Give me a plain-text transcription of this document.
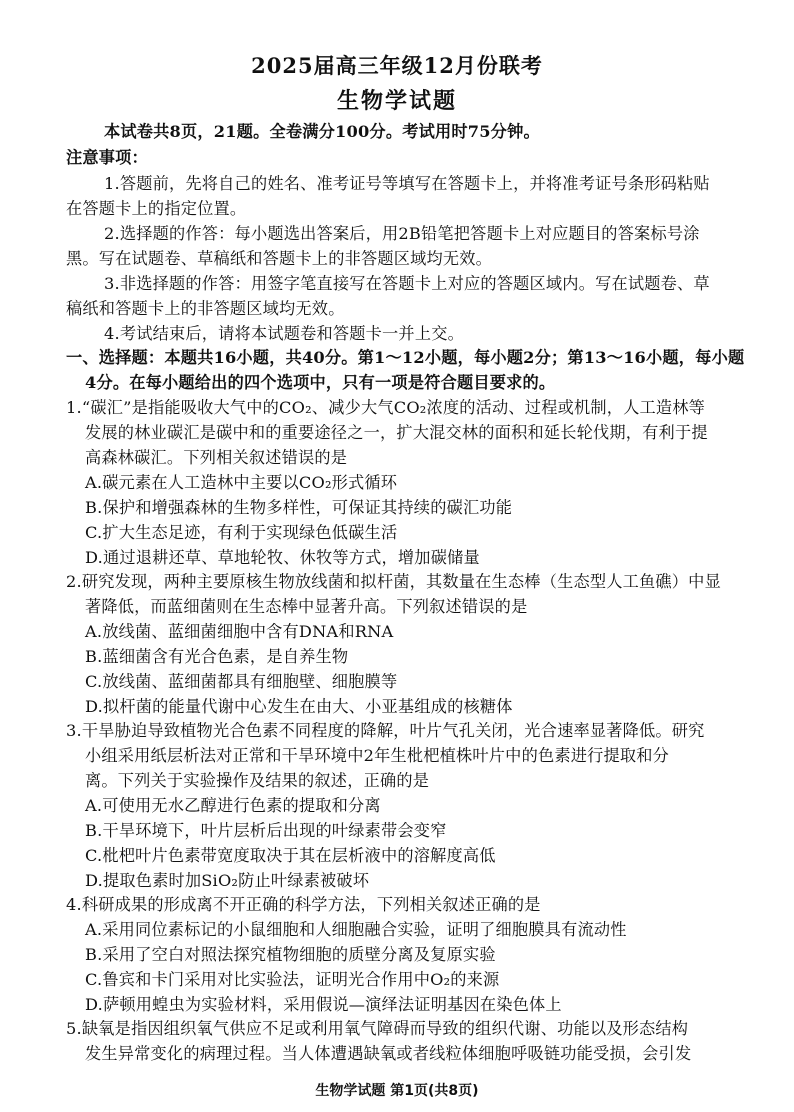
2025届高三年级12月份联考
生物学试题
本试卷共8页，21题。全卷满分100分。考试用时75分钟。
注意事项：
1.答题前，先将自己的姓名、准考证号等填写在答题卡上，并将准考证号条形码粘贴
在答题卡上的指定位置。
2.选择题的作答：每小题选出答案后，用2B铅笔把答题卡上对应题目的答案标号涂
黑。写在试题卷、草稿纸和答题卡上的非答题区域均无效。
3.非选择题的作答：用签字笔直接写在答题卡上对应的答题区域内。写在试题卷、草
稿纸和答题卡上的非答题区域均无效。
4.考试结束后，请将本试题卷和答题卡一并上交。
一、选择题：本题共16小题，共40分。第1～12小题，每小题2分；第13～16小题，每小题
4分。在每小题给出的四个选项中，只有一项是符合题目要求的。
1.“碳汇”是指能吸收大气中的CO₂、减少大气CO₂浓度的活动、过程或机制，人工造林等
发展的林业碳汇是碳中和的重要途径之一，扩大混交林的面积和延长轮伐期，有利于提
高森林碳汇。下列相关叙述错误的是
A.碳元素在人工造林中主要以CO₂形式循环
B.保护和增强森林的生物多样性，可保证其持续的碳汇功能
C.扩大生态足迹，有利于实现绿色低碳生活
D.通过退耕还草、草地轮牧、休牧等方式，增加碳储量
2.研究发现，两种主要原核生物放线菌和拟杆菌，其数量在生态棒（生态型人工鱼礁）中显
著降低，而蓝细菌则在生态棒中显著升高。下列叙述错误的是
A.放线菌、蓝细菌细胞中含有DNA和RNA
B.蓝细菌含有光合色素，是自养生物
C.放线菌、蓝细菌都具有细胞壁、细胞膜等
D.拟杆菌的能量代谢中心发生在由大、小亚基组成的核糖体
3.干旱胁迫导致植物光合色素不同程度的降解，叶片气孔关闭，光合速率显著降低。研究
小组采用纸层析法对正常和干旱环境中2年生枇杷植株叶片中的色素进行提取和分
离。下列关于实验操作及结果的叙述，正确的是
A.可使用无水乙醇进行色素的提取和分离
B.干旱环境下，叶片层析后出现的叶绿素带会变窄
C.枇杷叶片色素带宽度取决于其在层析液中的溶解度高低
D.提取色素时加SiO₂防止叶绿素被破坏
4.科研成果的形成离不开正确的科学方法，下列相关叙述正确的是
A.采用同位素标记的小鼠细胞和人细胞融合实验，证明了细胞膜具有流动性
B.采用了空白对照法探究植物细胞的质壁分离及复原实验
C.鲁宾和卡门采用对比实验法，证明光合作用中O₂的来源
D.萨顿用蝗虫为实验材料，采用假说—演绎法证明基因在染色体上
5.缺氧是指因组织氧气供应不足或利用氧气障碍而导致的组织代谢、功能以及形态结构
发生异常变化的病理过程。当人体遭遇缺氧或者线粒体细胞呼吸链功能受损，会引发
生物学试题 第1页(共8页)
